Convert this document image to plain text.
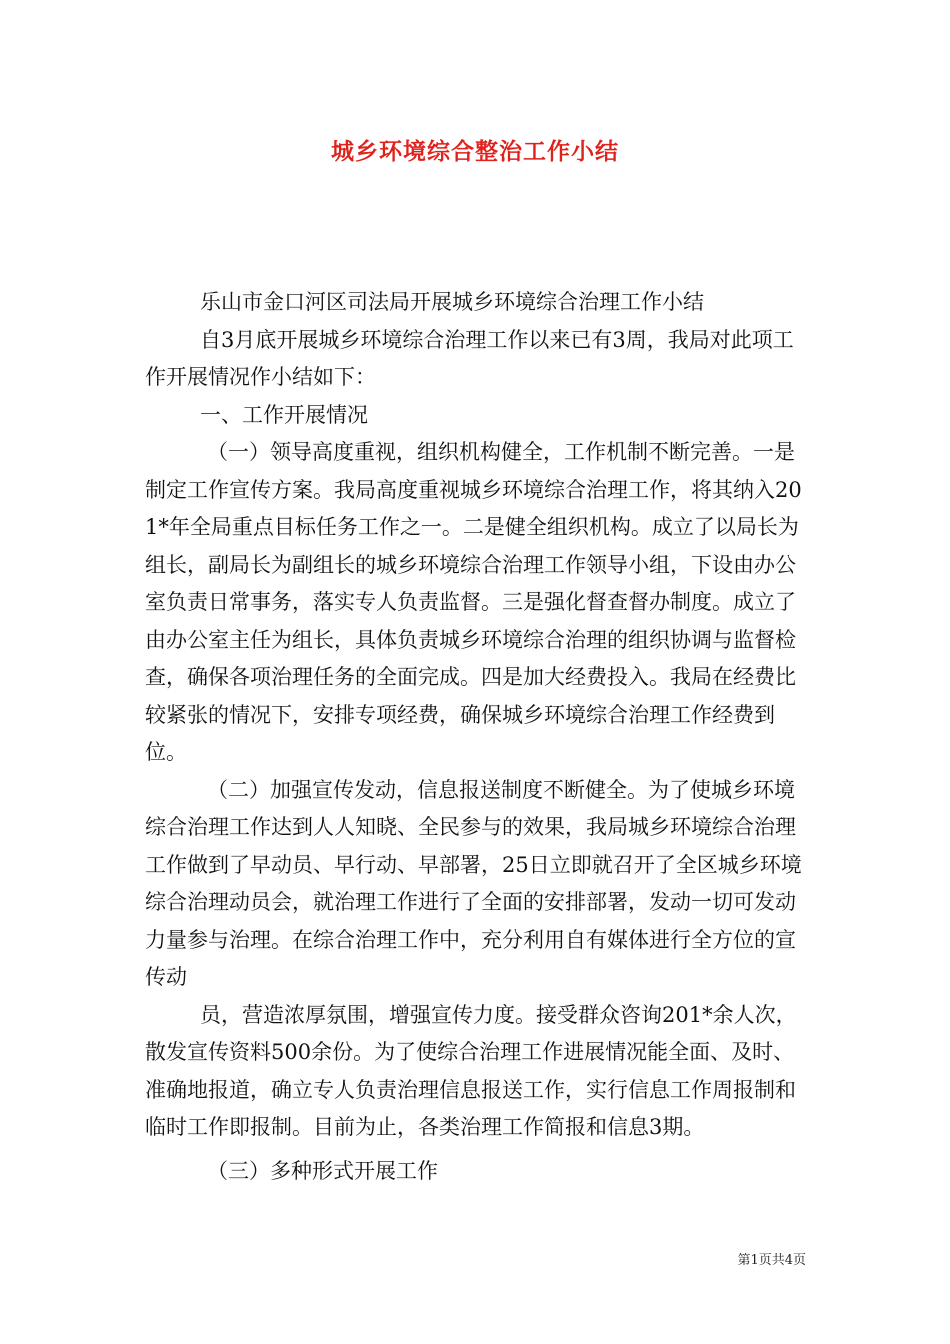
城乡环境综合整治工作小结

乐山市金口河区司法局开展城乡环境综合治理工作小结

自3月底开展城乡环境综合治理工作以来已有3周，我局对此项工作开展情况作小结如下：

一、工作开展情况

（一）领导高度重视，组织机构健全，工作机制不断完善。一是制定工作宣传方案。我局高度重视城乡环境综合治理工作，将其纳入201*年全局重点目标任务工作之一。二是健全组织机构。成立了以局长为组长，副局长为副组长的城乡环境综合治理工作领导小组，下设由办公室负责日常事务，落实专人负责监督。三是强化督查督办制度。成立了由办公室主任为组长，具体负责城乡环境综合治理的组织协调与监督检查，确保各项治理任务的全面完成。四是加大经费投入。我局在经费比较紧张的情况下，安排专项经费，确保城乡环境综合治理工作经费到位。

（二）加强宣传发动，信息报送制度不断健全。为了使城乡环境综合治理工作达到人人知晓、全民参与的效果，我局城乡环境综合治理工作做到了早动员、早行动、早部署，25日立即就召开了全区城乡环境综合治理动员会，就治理工作进行了全面的安排部署，发动一切可发动力量参与治理。在综合治理工作中，充分利用自有媒体进行全方位的宣传动

员，营造浓厚氛围，增强宣传力度。接受群众咨询201*余人次，散发宣传资料500余份。为了使综合治理工作进展情况能全面、及时、准确地报道，确立专人负责治理信息报送工作，实行信息工作周报制和临时工作即报制。目前为止，各类治理工作简报和信息3期。

（三）多种形式开展工作

第1页共4页
